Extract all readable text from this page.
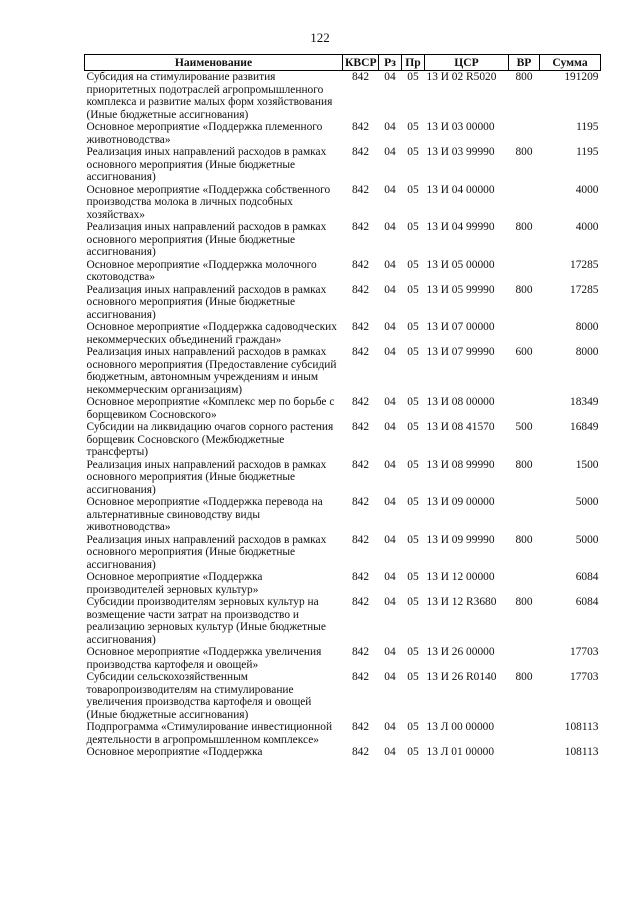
122
Наименование	КВСР	Рз	Пр	ЦСР	ВР	Сумма
Субсидия на стимулирование развития приоритетных подотраслей агропромышленного комплекса и развитие малых форм хозяйствования (Иные бюджетные ассигнования)	842	04	05	13 И 02 R5020	800	191209
Основное мероприятие «Поддержка племенного животноводства»	842	04	05	13 И 03 00000		1195
Реализация иных направлений расходов в рамках основного мероприятия (Иные бюджетные ассигнования)	842	04	05	13 И 03 99990	800	1195
Основное мероприятие «Поддержка собственного производства молока в личных подсобных хозяйствах»	842	04	05	13 И 04 00000		4000
Реализация иных направлений расходов в рамках основного мероприятия (Иные бюджетные ассигнования)	842	04	05	13 И 04 99990	800	4000
Основное мероприятие «Поддержка молочного скотоводства»	842	04	05	13 И 05 00000		17285
Реализация иных направлений расходов в рамках основного мероприятия (Иные бюджетные ассигнования)	842	04	05	13 И 05 99990	800	17285
Основное мероприятие «Поддержка садоводческих некоммерческих объединений граждан»	842	04	05	13 И 07 00000		8000
Реализация иных направлений расходов в рамках основного мероприятия (Предоставление субсидий бюджетным, автономным учреждениям и иным некоммерческим организациям)	842	04	05	13 И 07 99990	600	8000
Основное мероприятие «Комплекс мер по борьбе с борщевиком Сосновского»	842	04	05	13 И 08 00000		18349
Субсидии на ликвидацию очагов сорного растения борщевик Сосновского (Межбюджетные трансферты)	842	04	05	13 И 08 41570	500	16849
Реализация иных направлений расходов в рамках основного мероприятия (Иные бюджетные ассигнования)	842	04	05	13 И 08 99990	800	1500
Основное мероприятие «Поддержка перевода на альтернативные свиноводству виды животноводства»	842	04	05	13 И 09 00000		5000
Реализация иных направлений расходов в рамках основного мероприятия (Иные бюджетные ассигнования)	842	04	05	13 И 09 99990	800	5000
Основное мероприятие «Поддержка производителей зерновых культур»	842	04	05	13 И 12 00000		6084
Субсидии производителям зерновых культур на возмещение части затрат на производство и реализацию зерновых культур (Иные бюджетные ассигнования)	842	04	05	13 И 12 R3680	800	6084
Основное мероприятие «Поддержка увеличения производства картофеля и овощей»	842	04	05	13 И 26 00000		17703
Субсидии сельскохозяйственным товаропроизводителям на стимулирование увеличения производства картофеля и овощей (Иные бюджетные ассигнования)	842	04	05	13 И 26 R0140	800	17703
Подпрограмма «Стимулирование инвестиционной деятельности в агропромышленном комплексе»	842	04	05	13 Л 00 00000		108113
Основное мероприятие «Поддержка	842	04	05	13 Л 01 00000		108113
